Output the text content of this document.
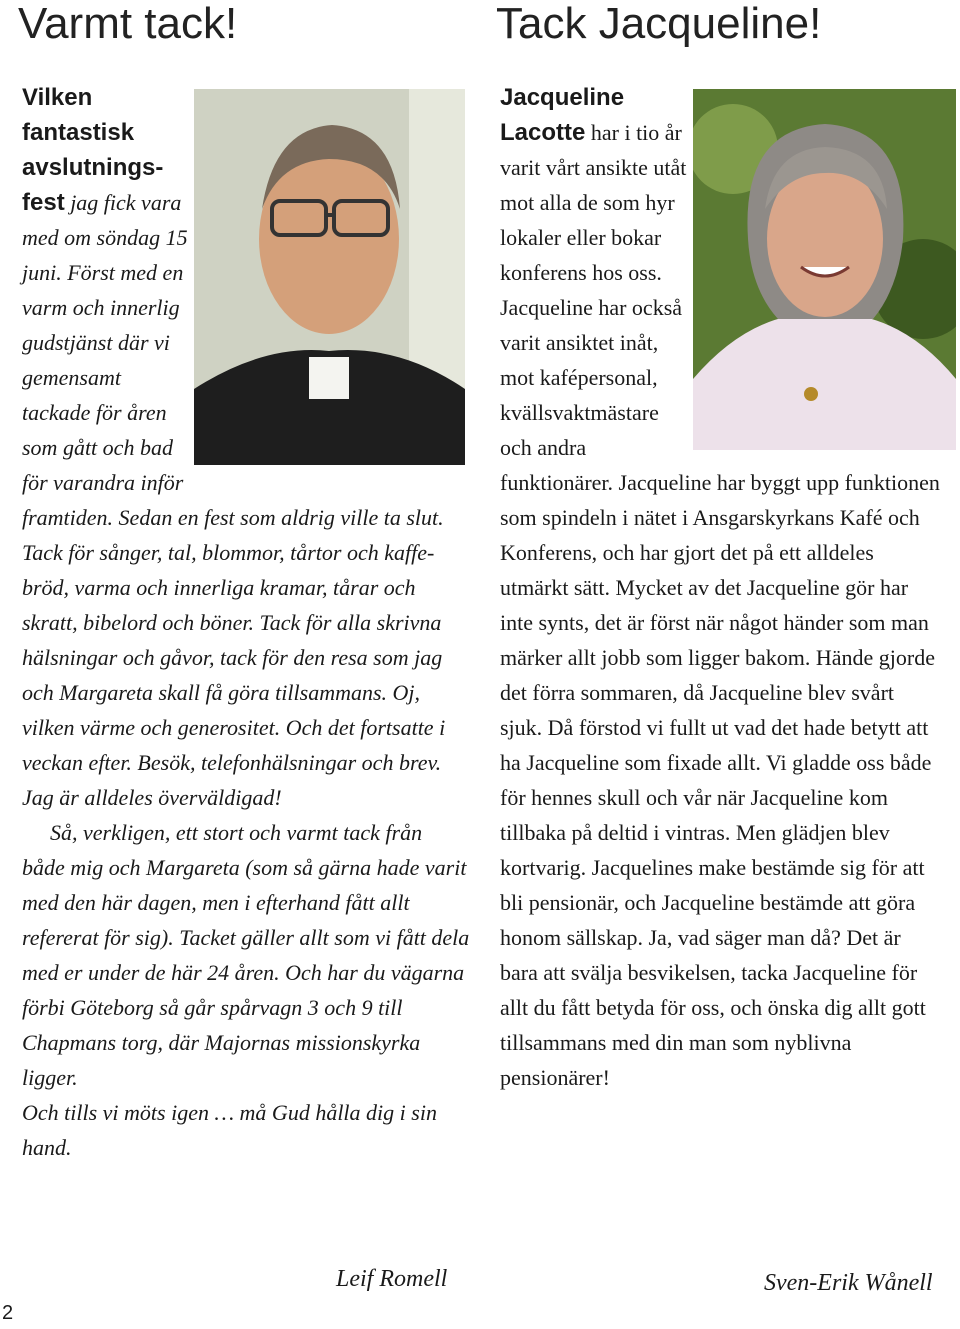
Varmt tack!	Tack Jacqueline!

Vilken fantastisk avslutningsfest jag fick vara med om söndag 15 juni. Först med en varm och innerlig gudstjänst där vi gemensamt tackade för åren som gått och bad för varandra inför framtiden. Sedan en fest som aldrig ville ta slut. Tack för sånger, tal, blommor, tårtor och kaffebröd, varma och innerliga kramar, tårar och skratt, bibelord och böner. Tack för alla skrivna hälsningar och gåvor, tack för den resa som jag och Margareta skall få göra tillsammans. Oj, vilken värme och generositet. Och det fortsatte i veckan efter. Besök, telefonhälsningar och brev. Jag är alldeles överväldigad!

Så, verkligen, ett stort och varmt tack från både mig och Margareta (som så gärna hade varit med den här dagen, men i efterhand fått allt refererat för sig). Tacket gäller allt som vi fått dela med er under de här 24 åren. Och har du vägarna förbi Göteborg så går spårvagn 3 och 9 till Chapmans torg, där Majornas missionskyrka ligger.

Och tills vi möts igen … må Gud hålla dig i sin hand.

Jacqueline Lacotte har i tio år varit vårt ansikte utåt mot alla de som hyr lokaler eller bokar konferens hos oss. Jacqueline har också varit ansiktet inåt, mot kafépersonal, kvällsvaktmästare och andra funktionärer. Jacqueline har byggt upp funktionen som spindeln i nätet i Ansgarskyrkans Kafé och Konferens, och har gjort det på ett alldeles utmärkt sätt. Mycket av det Jacqueline gör har inte synts, det är först när något händer som man märker allt jobb som ligger bakom. Hände gjorde det förra sommaren, då Jacqueline blev svårt sjuk. Då förstod vi fullt ut vad det hade betytt att ha Jacqueline som fixade allt. Vi gladde oss både för hennes skull och vår när Jacqueline kom tillbaka på deltid i vintras. Men glädjen blev kortvarig. Jacquelines make bestämde sig för att bli pensionär, och Jacqueline bestämde att göra honom sällskap. Ja, vad säger man då? Det är bara att svälja besvikelsen, tacka Jacqueline för allt du fått betyda för oss, och önska dig allt gott tillsammans med din man som nyblivna pensionärer!

Leif Romell	Sven-Erik Wånell
2
